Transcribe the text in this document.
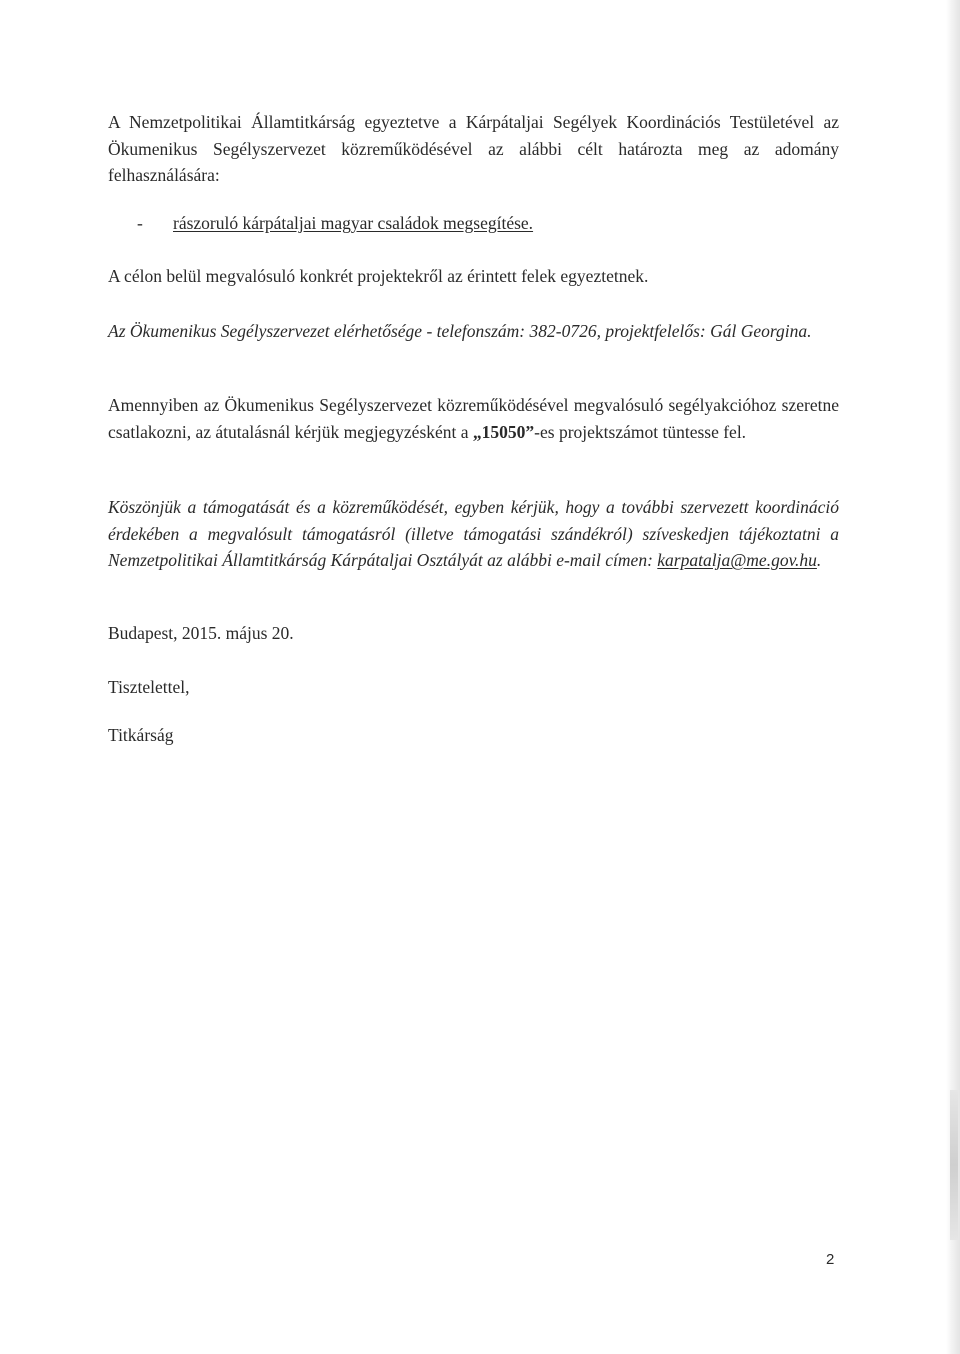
A Nemzetpolitikai Államtitkárság egyeztetve a Kárpátaljai Segélyek Koordinációs Testületével az Ökumenikus Segélyszervezet közreműködésével az alábbi célt határozta meg az adomány felhasználására:

-	rászoruló kárpátaljai magyar családok megsegítése.

A célon belül megvalósuló konkrét projektekről az érintett felek egyeztetnek.

Az Ökumenikus Segélyszervezet elérhetősége - telefonszám: 382-0726, projektfelelős: Gál Georgina.

Amennyiben az Ökumenikus Segélyszervezet közreműködésével megvalósuló segélyakcióhoz szeretne csatlakozni, az átutalásnál kérjük megjegyzésként a „15050”-es projektszámot tüntesse fel.

Köszönjük a támogatását és a közreműködését, egyben kérjük, hogy a további szervezett koordináció érdekében a megvalósult támogatásról (illetve támogatási szándékról) szíveskedjen tájékoztatni a Nemzetpolitikai Államtitkárság Kárpátaljai Osztályát az alábbi e-mail címen: karpatalja@me.gov.hu.

Budapest, 2015. május 20.

Tisztelettel,

Titkárság

2
